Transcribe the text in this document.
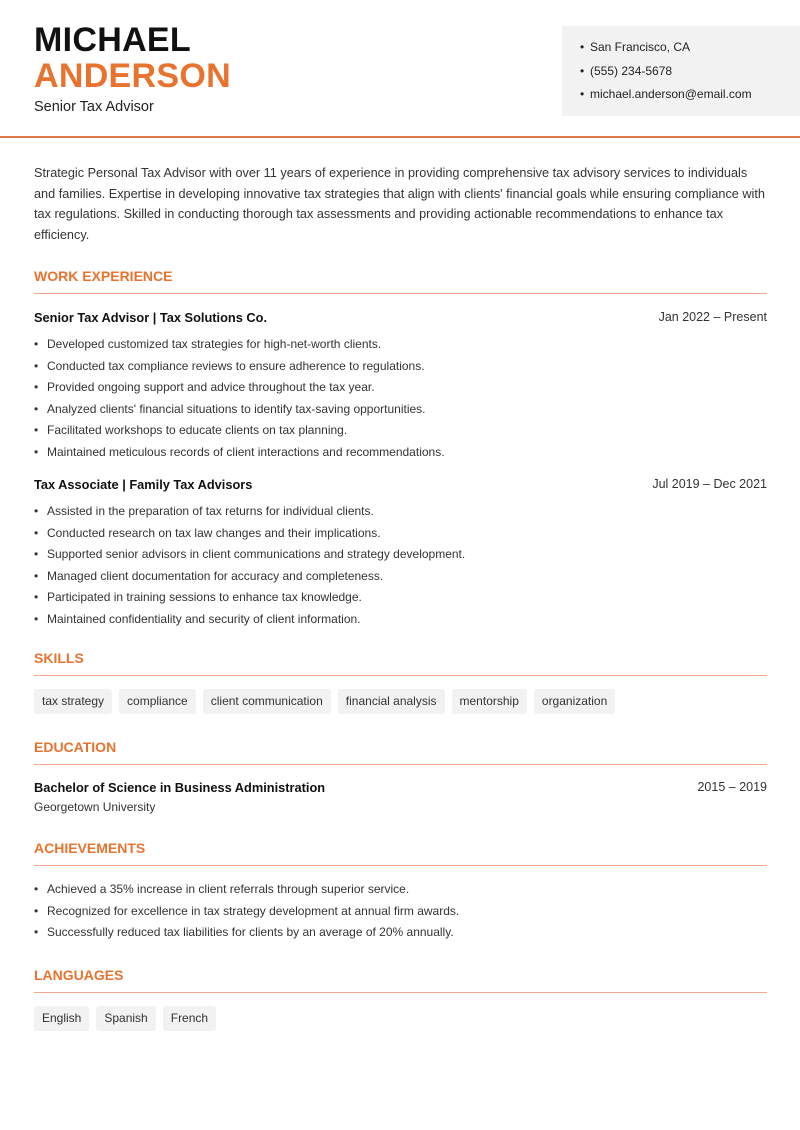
MICHAEL
ANDERSON
Senior Tax Advisor
• San Francisco, CA
• (555) 234-5678
• michael.anderson@email.com
Strategic Personal Tax Advisor with over 11 years of experience in providing comprehensive tax advisory services to individuals and families. Expertise in developing innovative tax strategies that align with clients' financial goals while ensuring compliance with tax regulations. Skilled in conducting thorough tax assessments and providing actionable recommendations to enhance tax efficiency.
WORK EXPERIENCE
Senior Tax Advisor | Tax Solutions Co.	Jan 2022 – Present
• Developed customized tax strategies for high-net-worth clients.
• Conducted tax compliance reviews to ensure adherence to regulations.
• Provided ongoing support and advice throughout the tax year.
• Analyzed clients' financial situations to identify tax-saving opportunities.
• Facilitated workshops to educate clients on tax planning.
• Maintained meticulous records of client interactions and recommendations.
Tax Associate | Family Tax Advisors	Jul 2019 – Dec 2021
• Assisted in the preparation of tax returns for individual clients.
• Conducted research on tax law changes and their implications.
• Supported senior advisors in client communications and strategy development.
• Managed client documentation for accuracy and completeness.
• Participated in training sessions to enhance tax knowledge.
• Maintained confidentiality and security of client information.
SKILLS
tax strategy	compliance	client communication	financial analysis	mentorship	organization
EDUCATION
Bachelor of Science in Business Administration	2015 – 2019
Georgetown University
ACHIEVEMENTS
• Achieved a 35% increase in client referrals through superior service.
• Recognized for excellence in tax strategy development at annual firm awards.
• Successfully reduced tax liabilities for clients by an average of 20% annually.
LANGUAGES
English	Spanish	French
